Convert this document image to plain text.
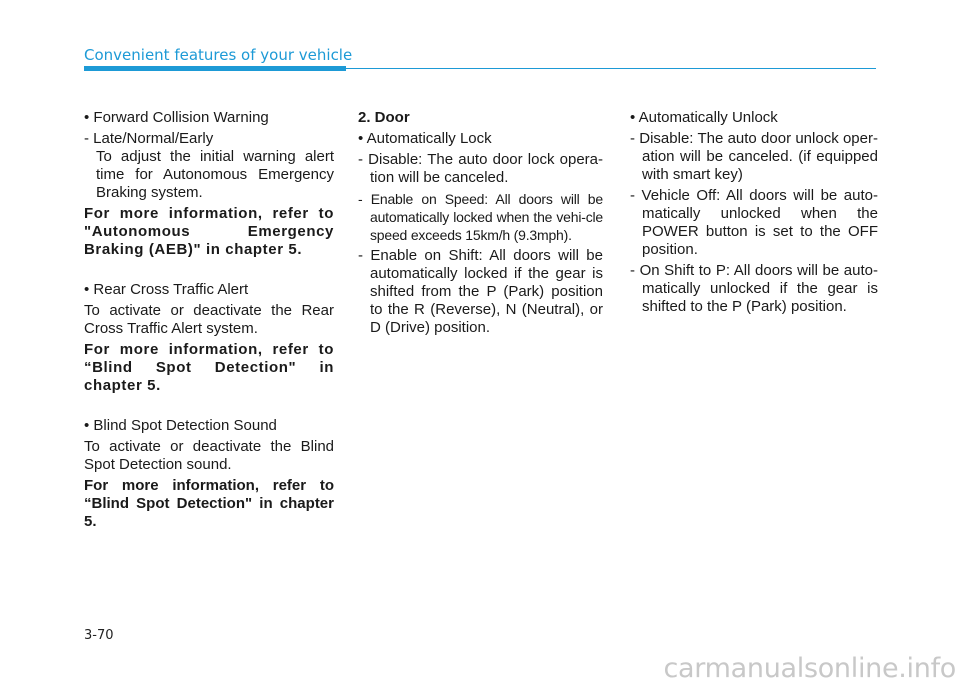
Convenient features of your vehicle

• Forward Collision Warning

- Late/Normal/Early

To adjust the initial warning alert time for Autonomous Emergency Braking system.

For more information, refer to "Autonomous Emergency Braking (AEB)" in chapter 5.

• Rear Cross Traffic Alert

To activate or deactivate the Rear Cross Traffic Alert system.

For more information, refer to “Blind Spot Detection" in chapter 5.

• Blind Spot Detection Sound

To activate or deactivate the Blind Spot Detection sound.

For more information, refer to “Blind Spot Detection" in chapter 5.

2. Door

• Automatically Lock

- Disable: The auto door lock opera-tion will be canceled.

- Enable on Speed: All doors will be automatically locked when the vehi-cle speed exceeds 15km/h (9.3mph).

- Enable on Shift: All doors will be automatically locked if the gear is shifted from the P (Park) position to the R (Reverse), N (Neutral), or D (Drive) position.

• Automatically Unlock

- Disable: The auto door unlock oper-ation will be canceled. (if equipped with smart key)

- Vehicle Off: All doors will be auto-matically unlocked when the POWER button is set to the OFF position.

- On Shift to P: All doors will be auto-matically unlocked if the gear is shifted to the P (Park) position.

3-70
carmanualsonline.info
